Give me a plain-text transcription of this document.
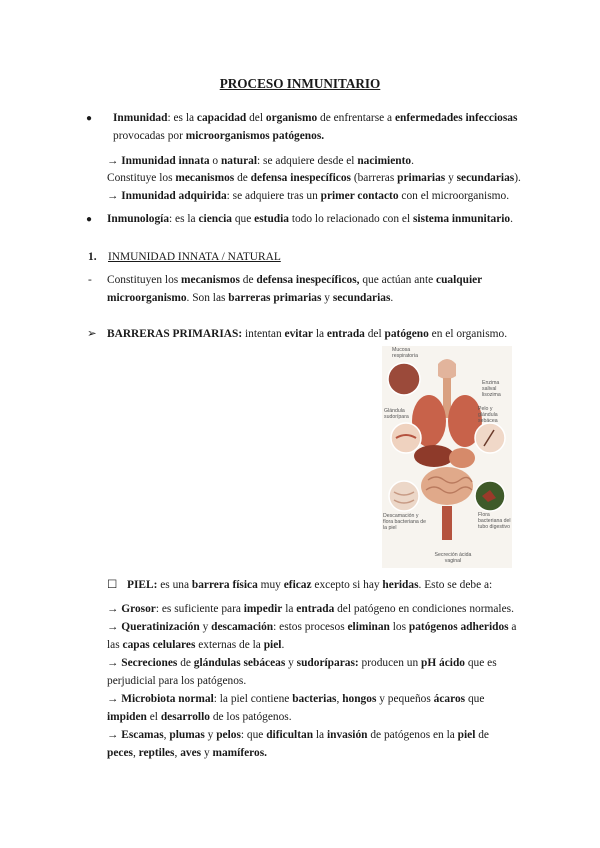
PROCESO INMUNITARIO
● Inmunidad: es la capacidad del organismo de enfrentarse a enfermedades infecciosas
provocadas por microorganismos patógenos.
→ Inmunidad innata o natural: se adquiere desde el nacimiento.
Constituye los mecanismos de defensa inespecíficos (barreras primarias y secundarias).
→ Inmunidad adquirida: se adquiere tras un primer contacto con el microorganismo.
● Inmunología: es la ciencia que estudia todo lo relacionado con el sistema inmunitario.
1. INMUNIDAD INNATA / NATURAL
- Constituyen los mecanismos de defensa inespecíficos, que actúan ante cualquier
microorganismo. Son las barreras primarias y secundarias.
➢ BARRERAS PRIMARIAS: intentan evitar la entrada del patógeno en el organismo.
Mucosa respiratoria
Enzima salival lisozima
Glándula sudorípara
Pelo y glándula sebácea
Descamación y flora bacteriana de la piel
Flora bacteriana del tubo digestivo
Secreción ácida vaginal
☐ PIEL: es una barrera física muy eficaz excepto si hay heridas. Esto se debe a:
→ Grosor: es suficiente para impedir la entrada del patógeno en condiciones normales.
→ Queratinización y descamación: estos procesos eliminan los patógenos adheridos a
las capas celulares externas de la piel.
→ Secreciones de glándulas sebáceas y sudoríparas: producen un pH ácido que es
perjudicial para los patógenos.
→ Microbiota normal: la piel contiene bacterias, hongos y pequeños ácaros que
impiden el desarrollo de los patógenos.
→ Escamas, plumas y pelos: que dificultan la invasión de patógenos en la piel de
peces, reptiles, aves y mamíferos.
